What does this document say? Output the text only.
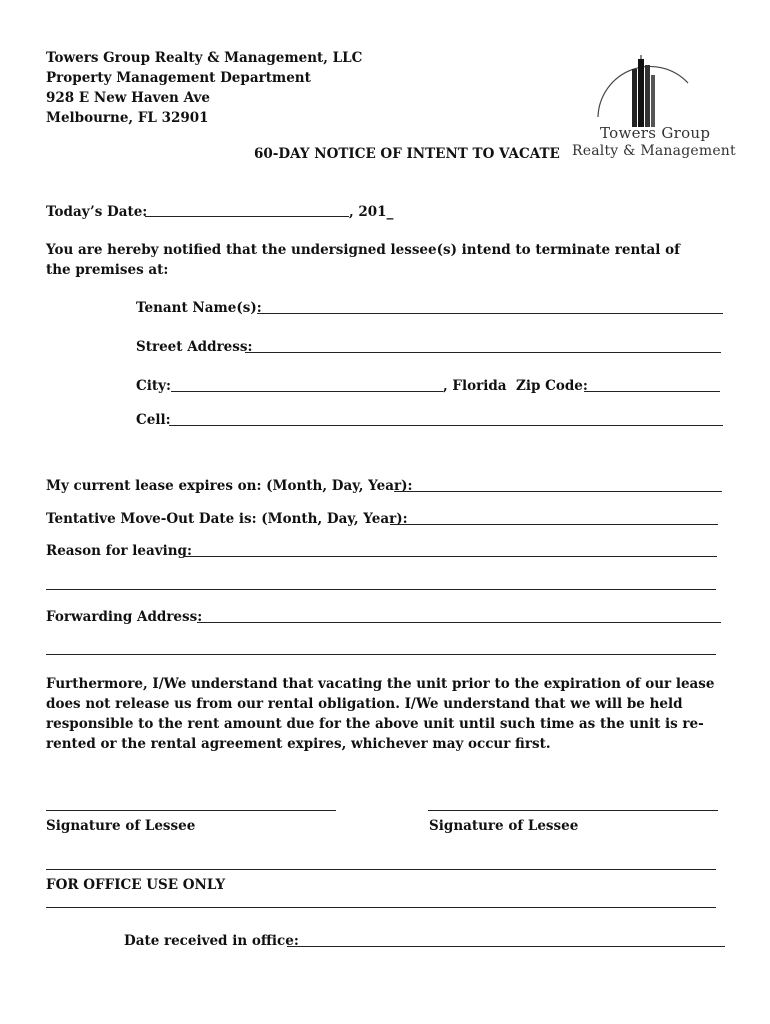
Towers Group Realty & Management, LLC
Property Management Department
928 E New Haven Ave
Melbourne, FL 32901
Towers Group
Realty & Management
60-DAY NOTICE OF INTENT TO VACATE
Today’s Date:	, 201_
You are hereby notified that the undersigned lessee(s) intend to terminate rental of the premises at:
Tenant Name(s):
Street Address:
City:	, Florida Zip Code:
Cell:
My current lease expires on: (Month, Day, Year):
Tentative Move-Out Date is: (Month, Day, Year):
Reason for leaving:
Forwarding Address:
Furthermore, I/We understand that vacating the unit prior to the expiration of our lease does not release us from our rental obligation. I/We understand that we will be held responsible to the rent amount due for the above unit until such time as the unit is re-rented or the rental agreement expires, whichever may occur first.
Signature of Lessee	Signature of Lessee
FOR OFFICE USE ONLY
Date received in office:
